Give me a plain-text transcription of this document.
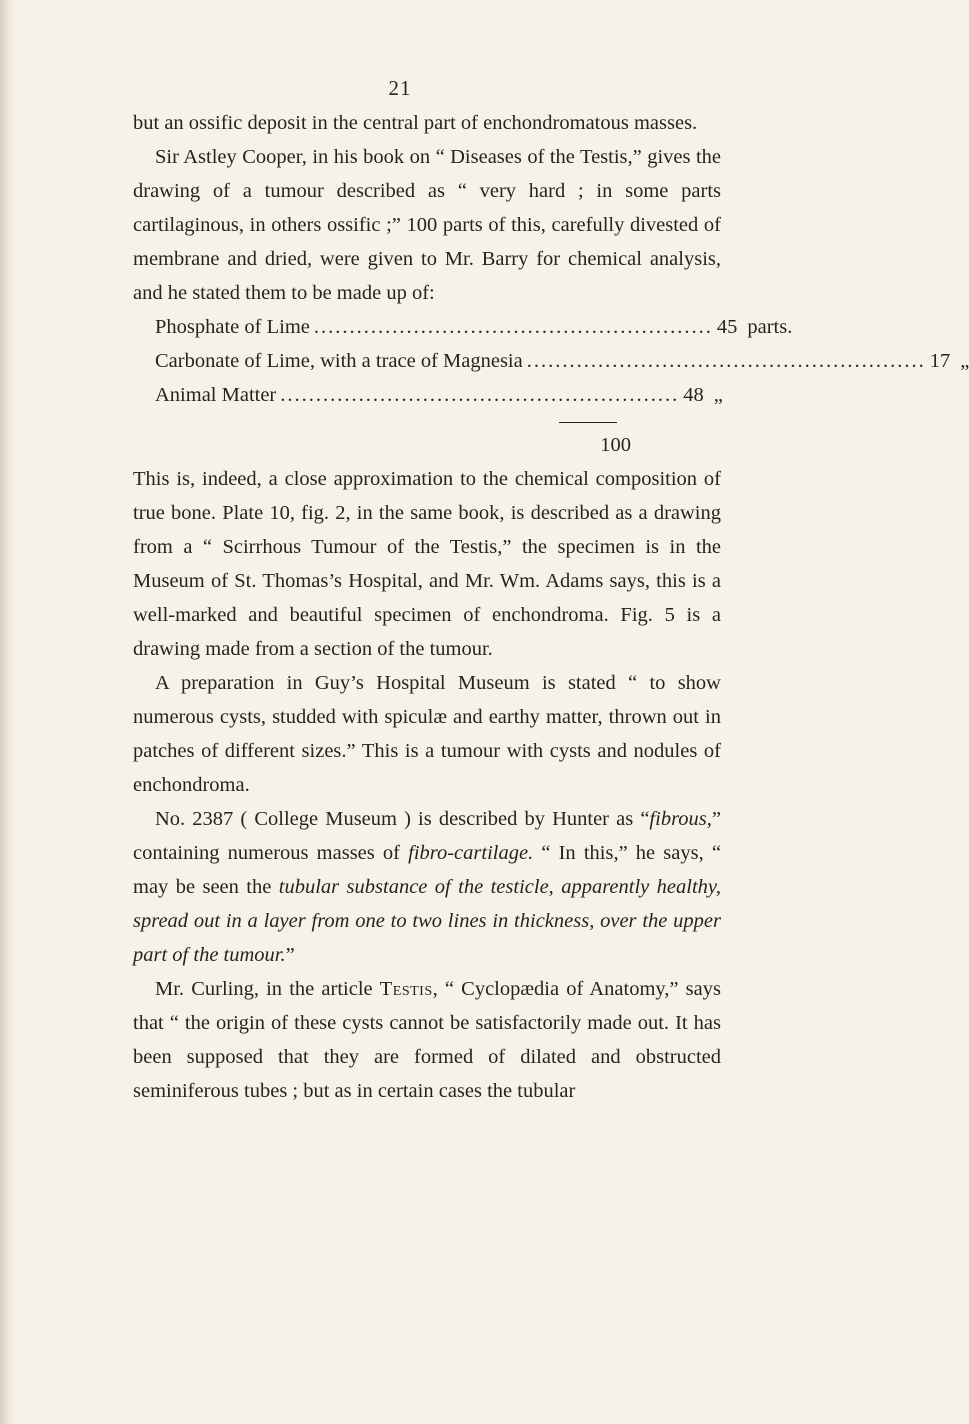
21

but an ossific deposit in the central part of enchondromatous masses.

Sir Astley Cooper, in his book on “ Diseases of the Testis,” gives the drawing of a tumour described as “ very hard ; in some parts cartilaginous, in others ossific ;” 100 parts of this, carefully divested of membrane and dried, were given to Mr. Barry for chemical analysis, and he stated them to be made up of:

Phosphate of Lime ........................................................ 45 parts.
Carbonate of Lime, with a trace of Magnesia ........................................................ 17 „
Animal Matter ........................................................ 48 „
100

This is, indeed, a close approximation to the chemical composition of true bone. Plate 10, fig. 2, in the same book, is described as a drawing from a “ Scirrhous Tumour of the Testis,” the specimen is in the Museum of St. Thomas’s Hospital, and Mr. Wm. Adams says, this is a well-marked and beautiful specimen of enchondroma. Fig. 5 is a drawing made from a section of the tumour.

A preparation in Guy’s Hospital Museum is stated “ to show numerous cysts, studded with spiculæ and earthy matter, thrown out in patches of different sizes.” This is a tumour with cysts and nodules of enchondroma.

No. 2387 ( College Museum ) is described by Hunter as “fibrous,” containing numerous masses of fibro-cartilage. “ In this,” he says, “ may be seen the tubular substance of the testicle, apparently healthy, spread out in a layer from one to two lines in thickness, over the upper part of the tumour.”

Mr. Curling, in the article Testis, “ Cyclopædia of Anatomy,” says that “ the origin of these cysts cannot be satisfactorily made out. It has been supposed that they are formed of dilated and obstructed seminiferous tubes ; but as in certain cases the tubular
